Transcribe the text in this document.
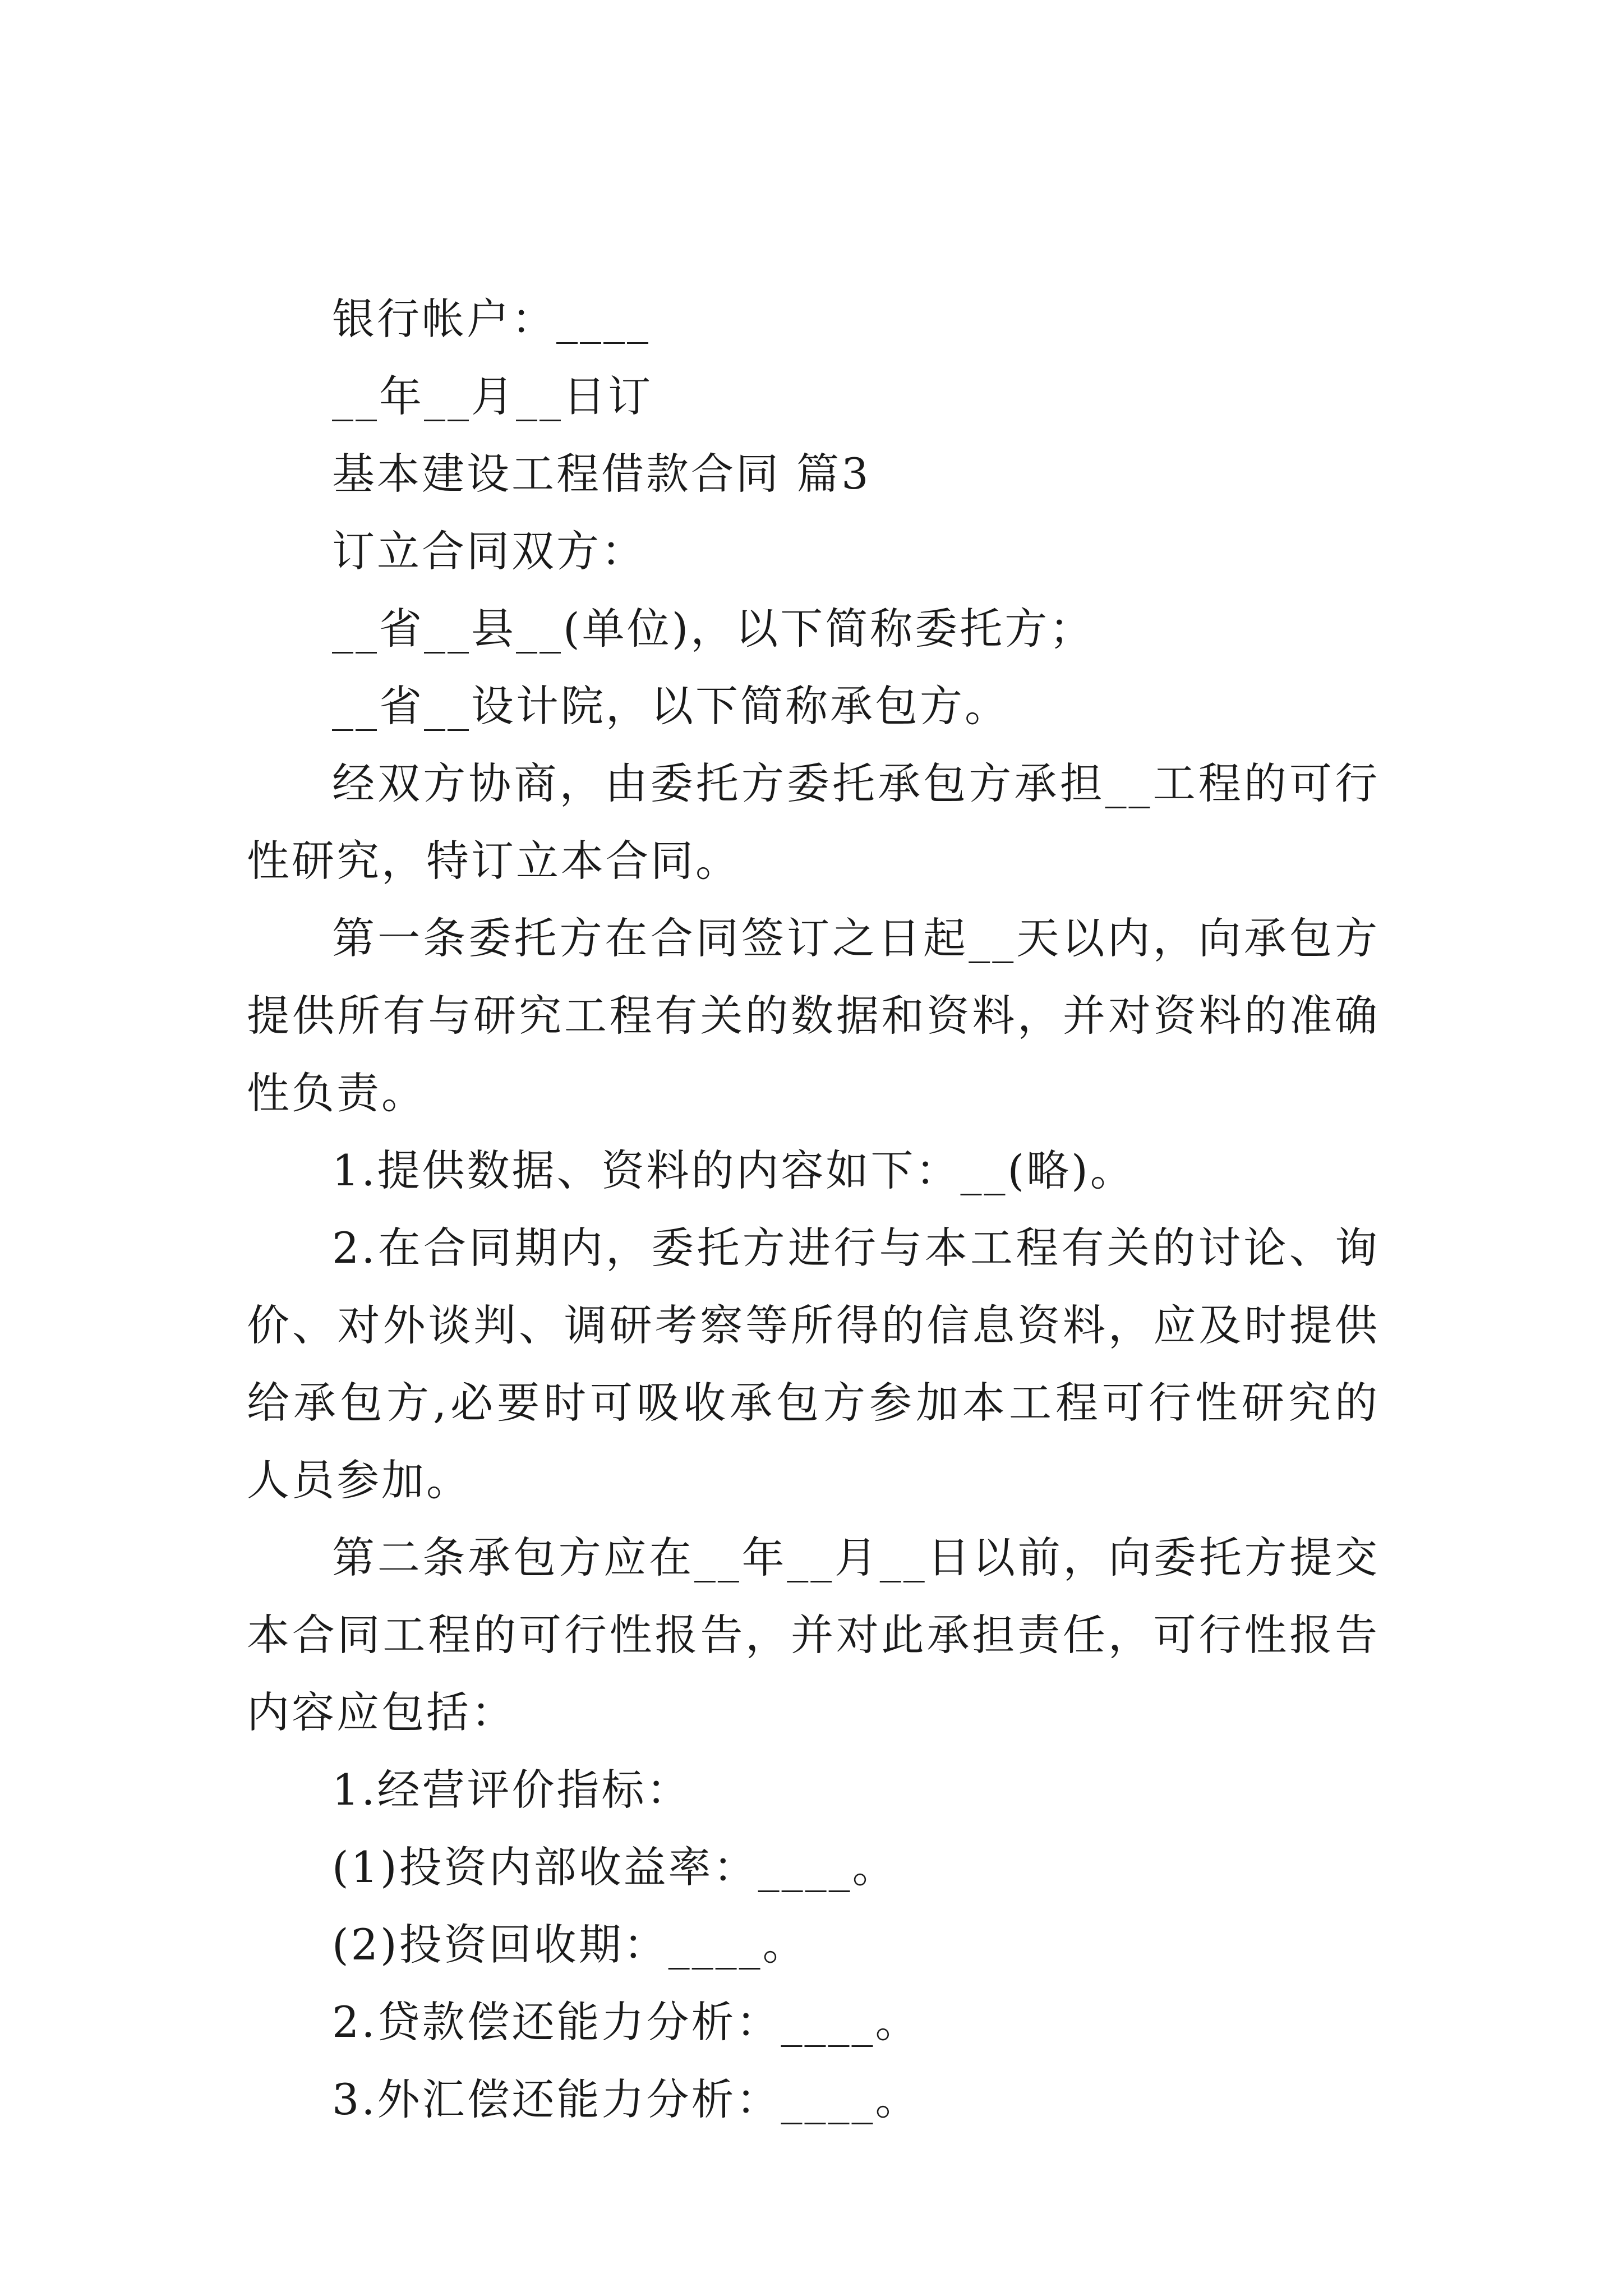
银行帐户：____

__年__月__日订

基本建设工程借款合同 篇3

订立合同双方：

__省__县__(单位)，以下简称委托方；

__省__设计院，以下简称承包方。

经双方协商，由委托方委托承包方承担__工程的可行性研究，特订立本合同。

第一条委托方在合同签订之日起__天以内，向承包方提供所有与研究工程有关的数据和资料，并对资料的准确性负责。

1.提供数据、资料的内容如下：__(略)。

2.在合同期内，委托方进行与本工程有关的讨论、询价、对外谈判、调研考察等所得的信息资料，应及时提供给承包方,必要时可吸收承包方参加本工程可行性研究的人员参加。

第二条承包方应在__年__月__日以前，向委托方提交本合同工程的可行性报告，并对此承担责任，可行性报告内容应包括：

1.经营评价指标：

(1)投资内部收益率：____。

(2)投资回收期：____。

2.贷款偿还能力分析：____。

3.外汇偿还能力分析：____。
